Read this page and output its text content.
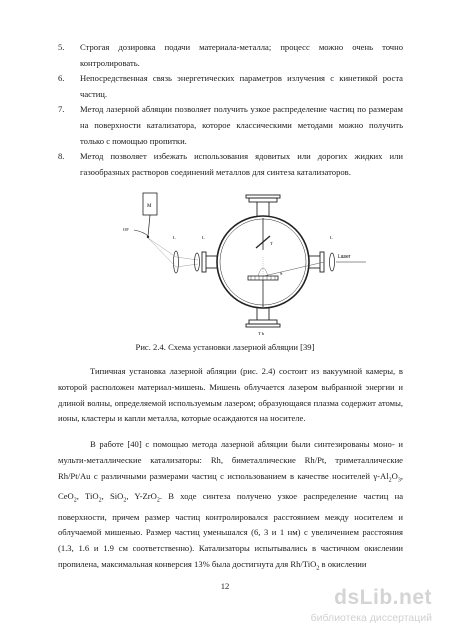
5.	Строгая дозировка подачи материала-металла; процесс можно очень точно контролировать.
6.	Непосредственная связь энергетических параметров излучения с кинетикой роста частиц.
7.	Метод лазерной абляции позволяет получить узкое распределение частиц по размерам на поверхности катализатора, которое классическими методами можно получить только с помощью пропитки.
8.	Метод позволяет избежать использования ядовитых или дорогих жидких или газообразных растворов соединений металлов для синтеза катализаторов.
M
OF
L	L
T b
L
Laser
T
S
Рис. 2.4. Схема установки лазерной абляции [39]
Типичная установка лазерной абляции (рис. 2.4) состоит из вакуумной камеры, в которой расположен материал-мишень. Мишень облучается лазером выбранной энергии и длиной волны, определяемой используемым лазером; образующаяся плазма содержит атомы, ионы, кластеры и капли металла, которые осаждаются на носителе.
В работе [40] с помощью метода лазерной абляции были синтезированы моно- и мульти-металлические катализаторы: Rh, биметаллические Rh/Pt, триметаллические Rh/Pt/Au с различными размерами частиц с использованием в качестве носителей $\gamma-Al_2O_3$, CeO$_2$, TiO$_2$, SiO$_2$, Y-ZrO$_2$. В ходе синтеза получено узкое распределение частиц на поверхности, причем размер частиц контролировался расстоянием между носителем и облучаемой мишенью. Размер частиц уменьшался (6, 3 и 1 нм) с увеличением расстояния (1.3, 1.6 и 1.9 см соответственно). Катализаторы испытывались в частичном окислении пропилена, максимальная конверсия 13% была достигнута для Rh/TiO$_2$ в окислении
12	dsLib.net
библиотека диссертаций
